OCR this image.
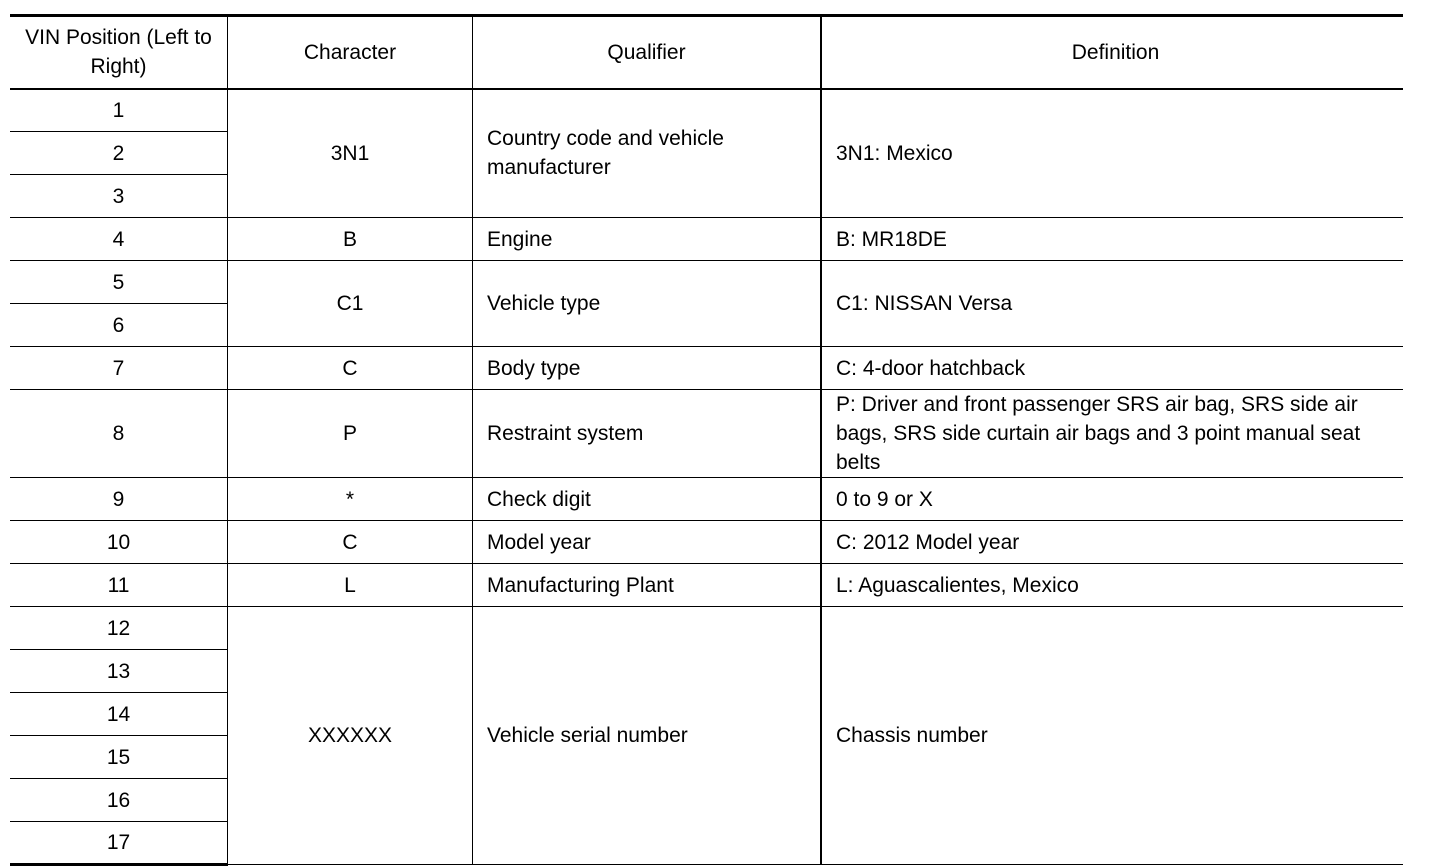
VIN Position (Left to Right)	Character	Qualifier	Definition
1	3N1	Country code and vehicle manufacturer	3N1: Mexico
2			
3			
4	B	Engine	B: MR18DE
5	C1	Vehicle type	C1: NISSAN Versa
6			
7	C	Body type	C: 4-door hatchback
8	P	Restraint system	P: Driver and front passenger SRS air bag, SRS side air bags, SRS side curtain air bags and 3 point manual seat belts
9	*	Check digit	0 to 9 or X
10	C	Model year	C: 2012 Model year
11	L	Manufacturing Plant	L: Aguascalientes, Mexico
12	XXXXXX	Vehicle serial number	Chassis number
13			
14			
15			
16			
17			
